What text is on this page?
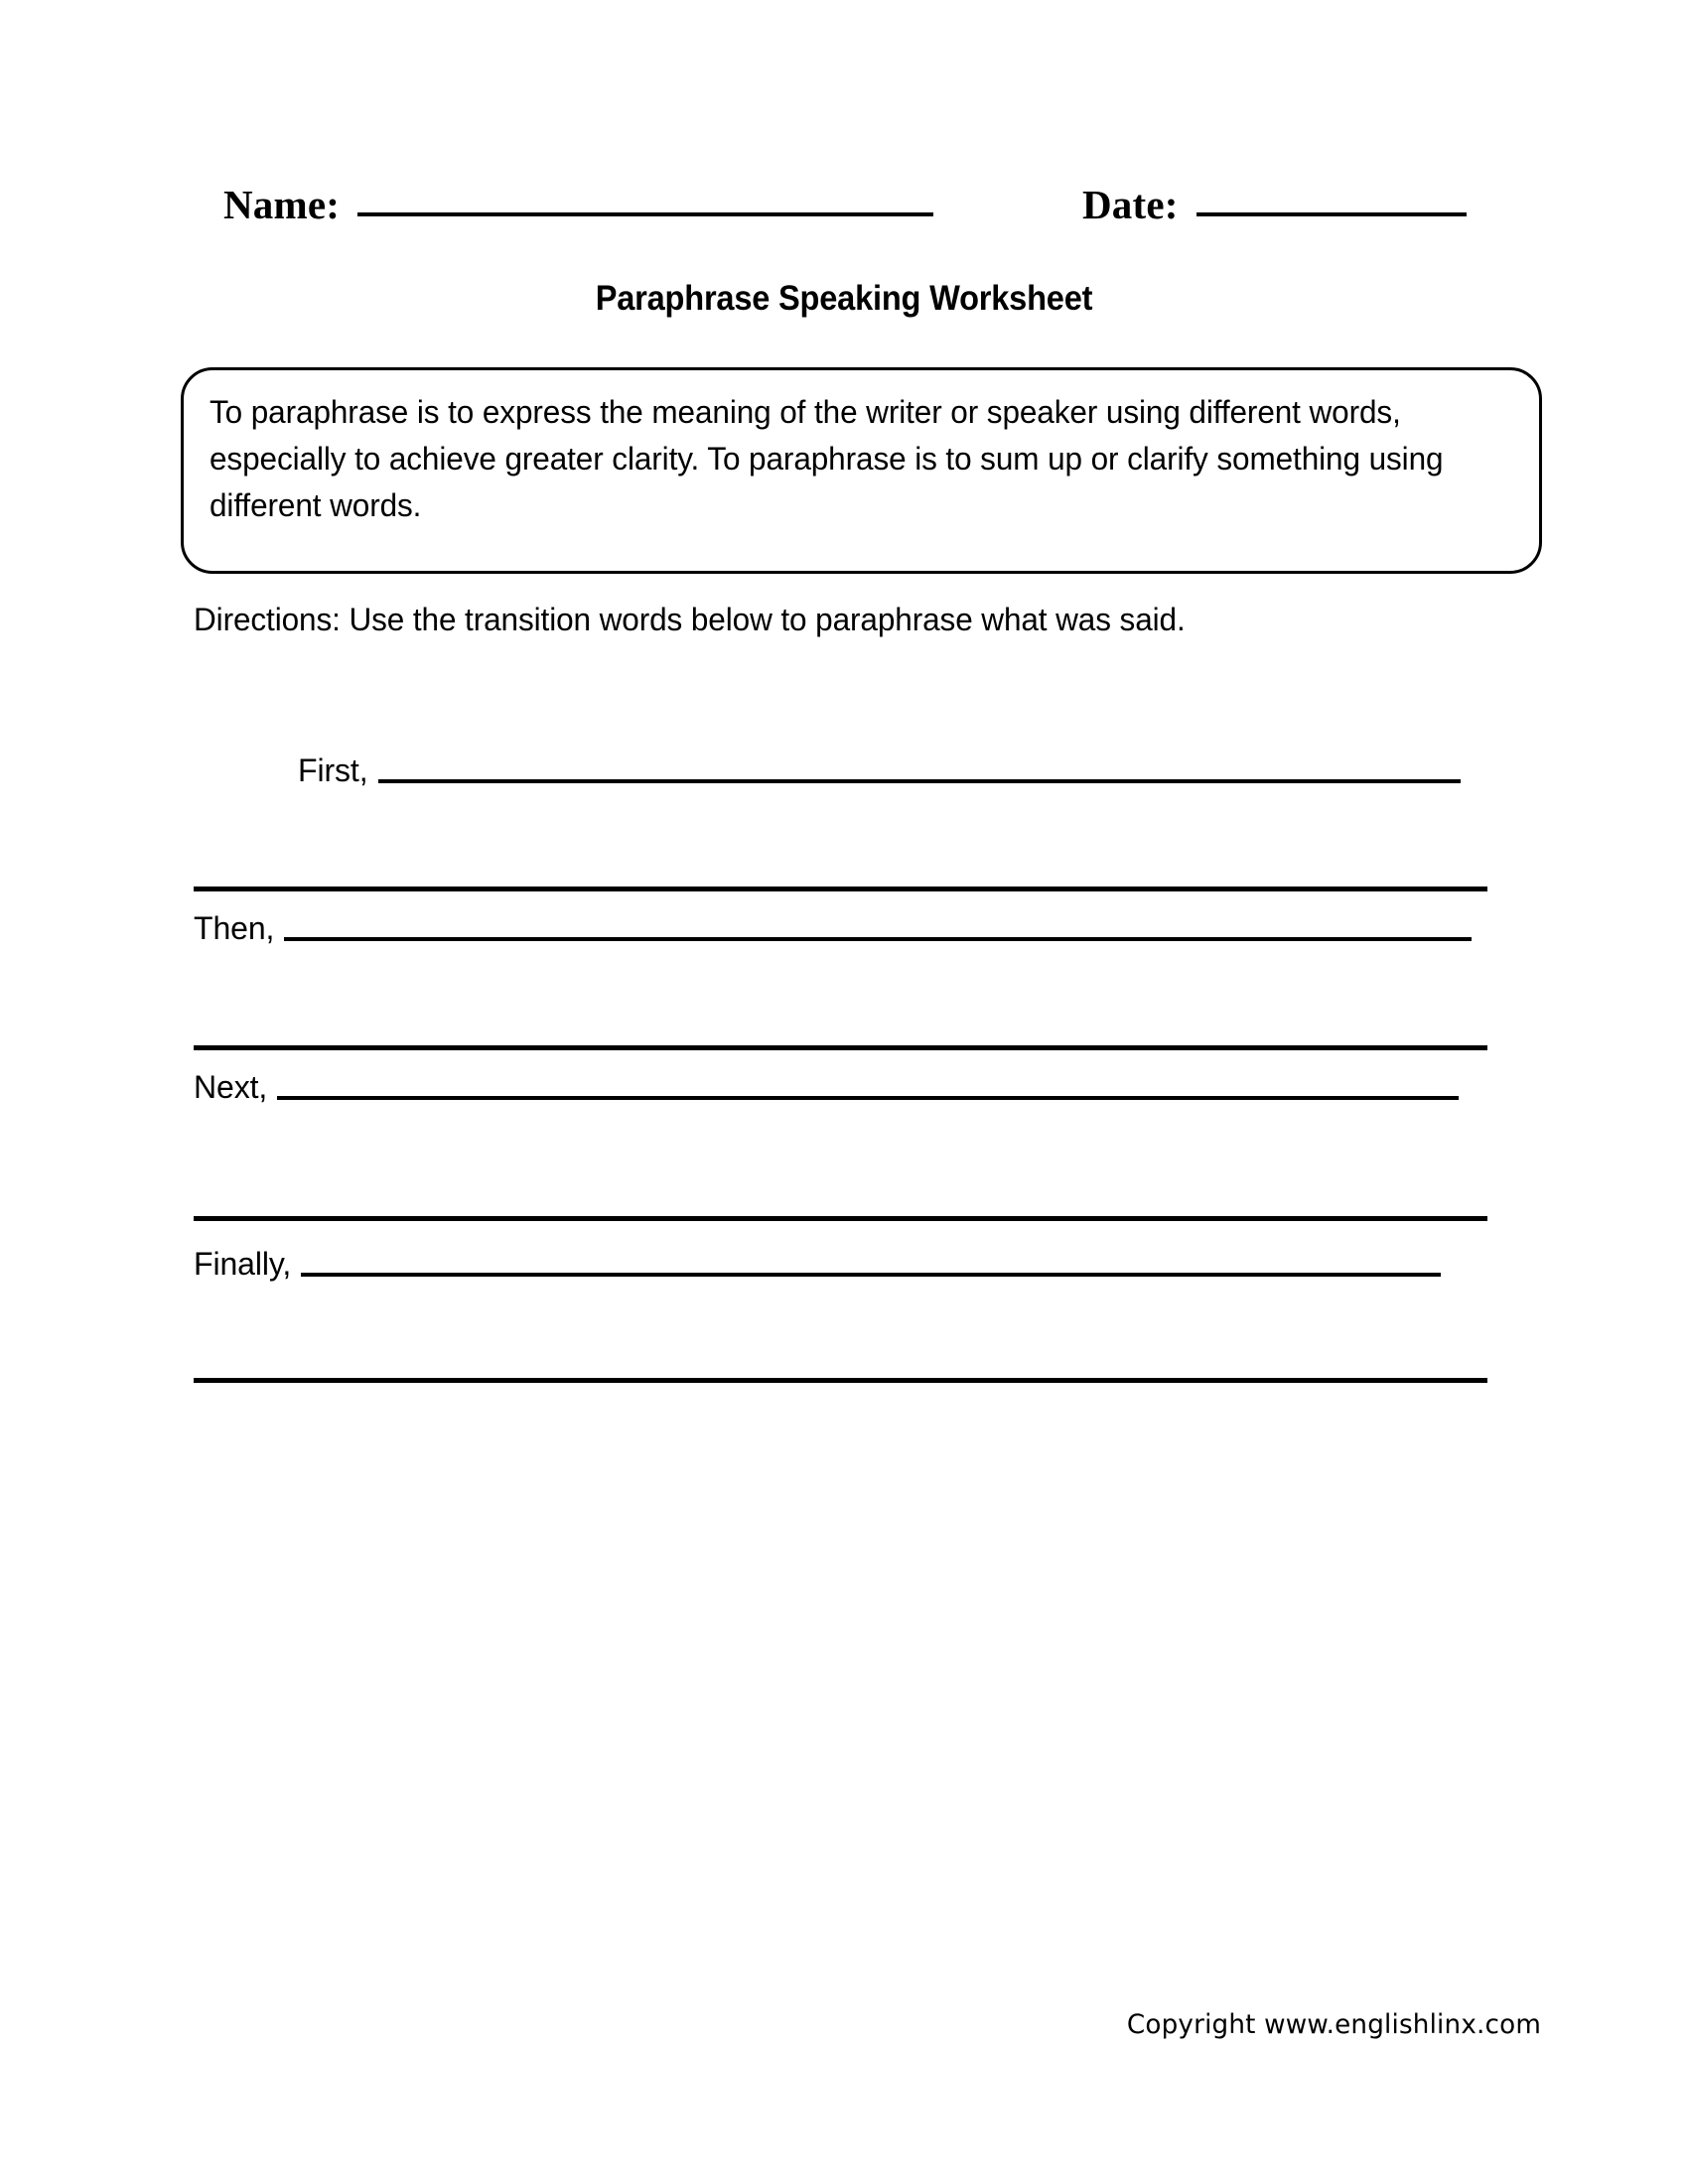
Name:	Date:
Paraphrase Speaking Worksheet
To paraphrase is to express the meaning of the writer or speaker using different words, especially to achieve greater clarity. To paraphrase is to sum up or clarify something using different words.
Directions: Use the transition words below to paraphrase what was said.
First,
Then,
Next,
Finally,
Copyright www.englishlinx.com
